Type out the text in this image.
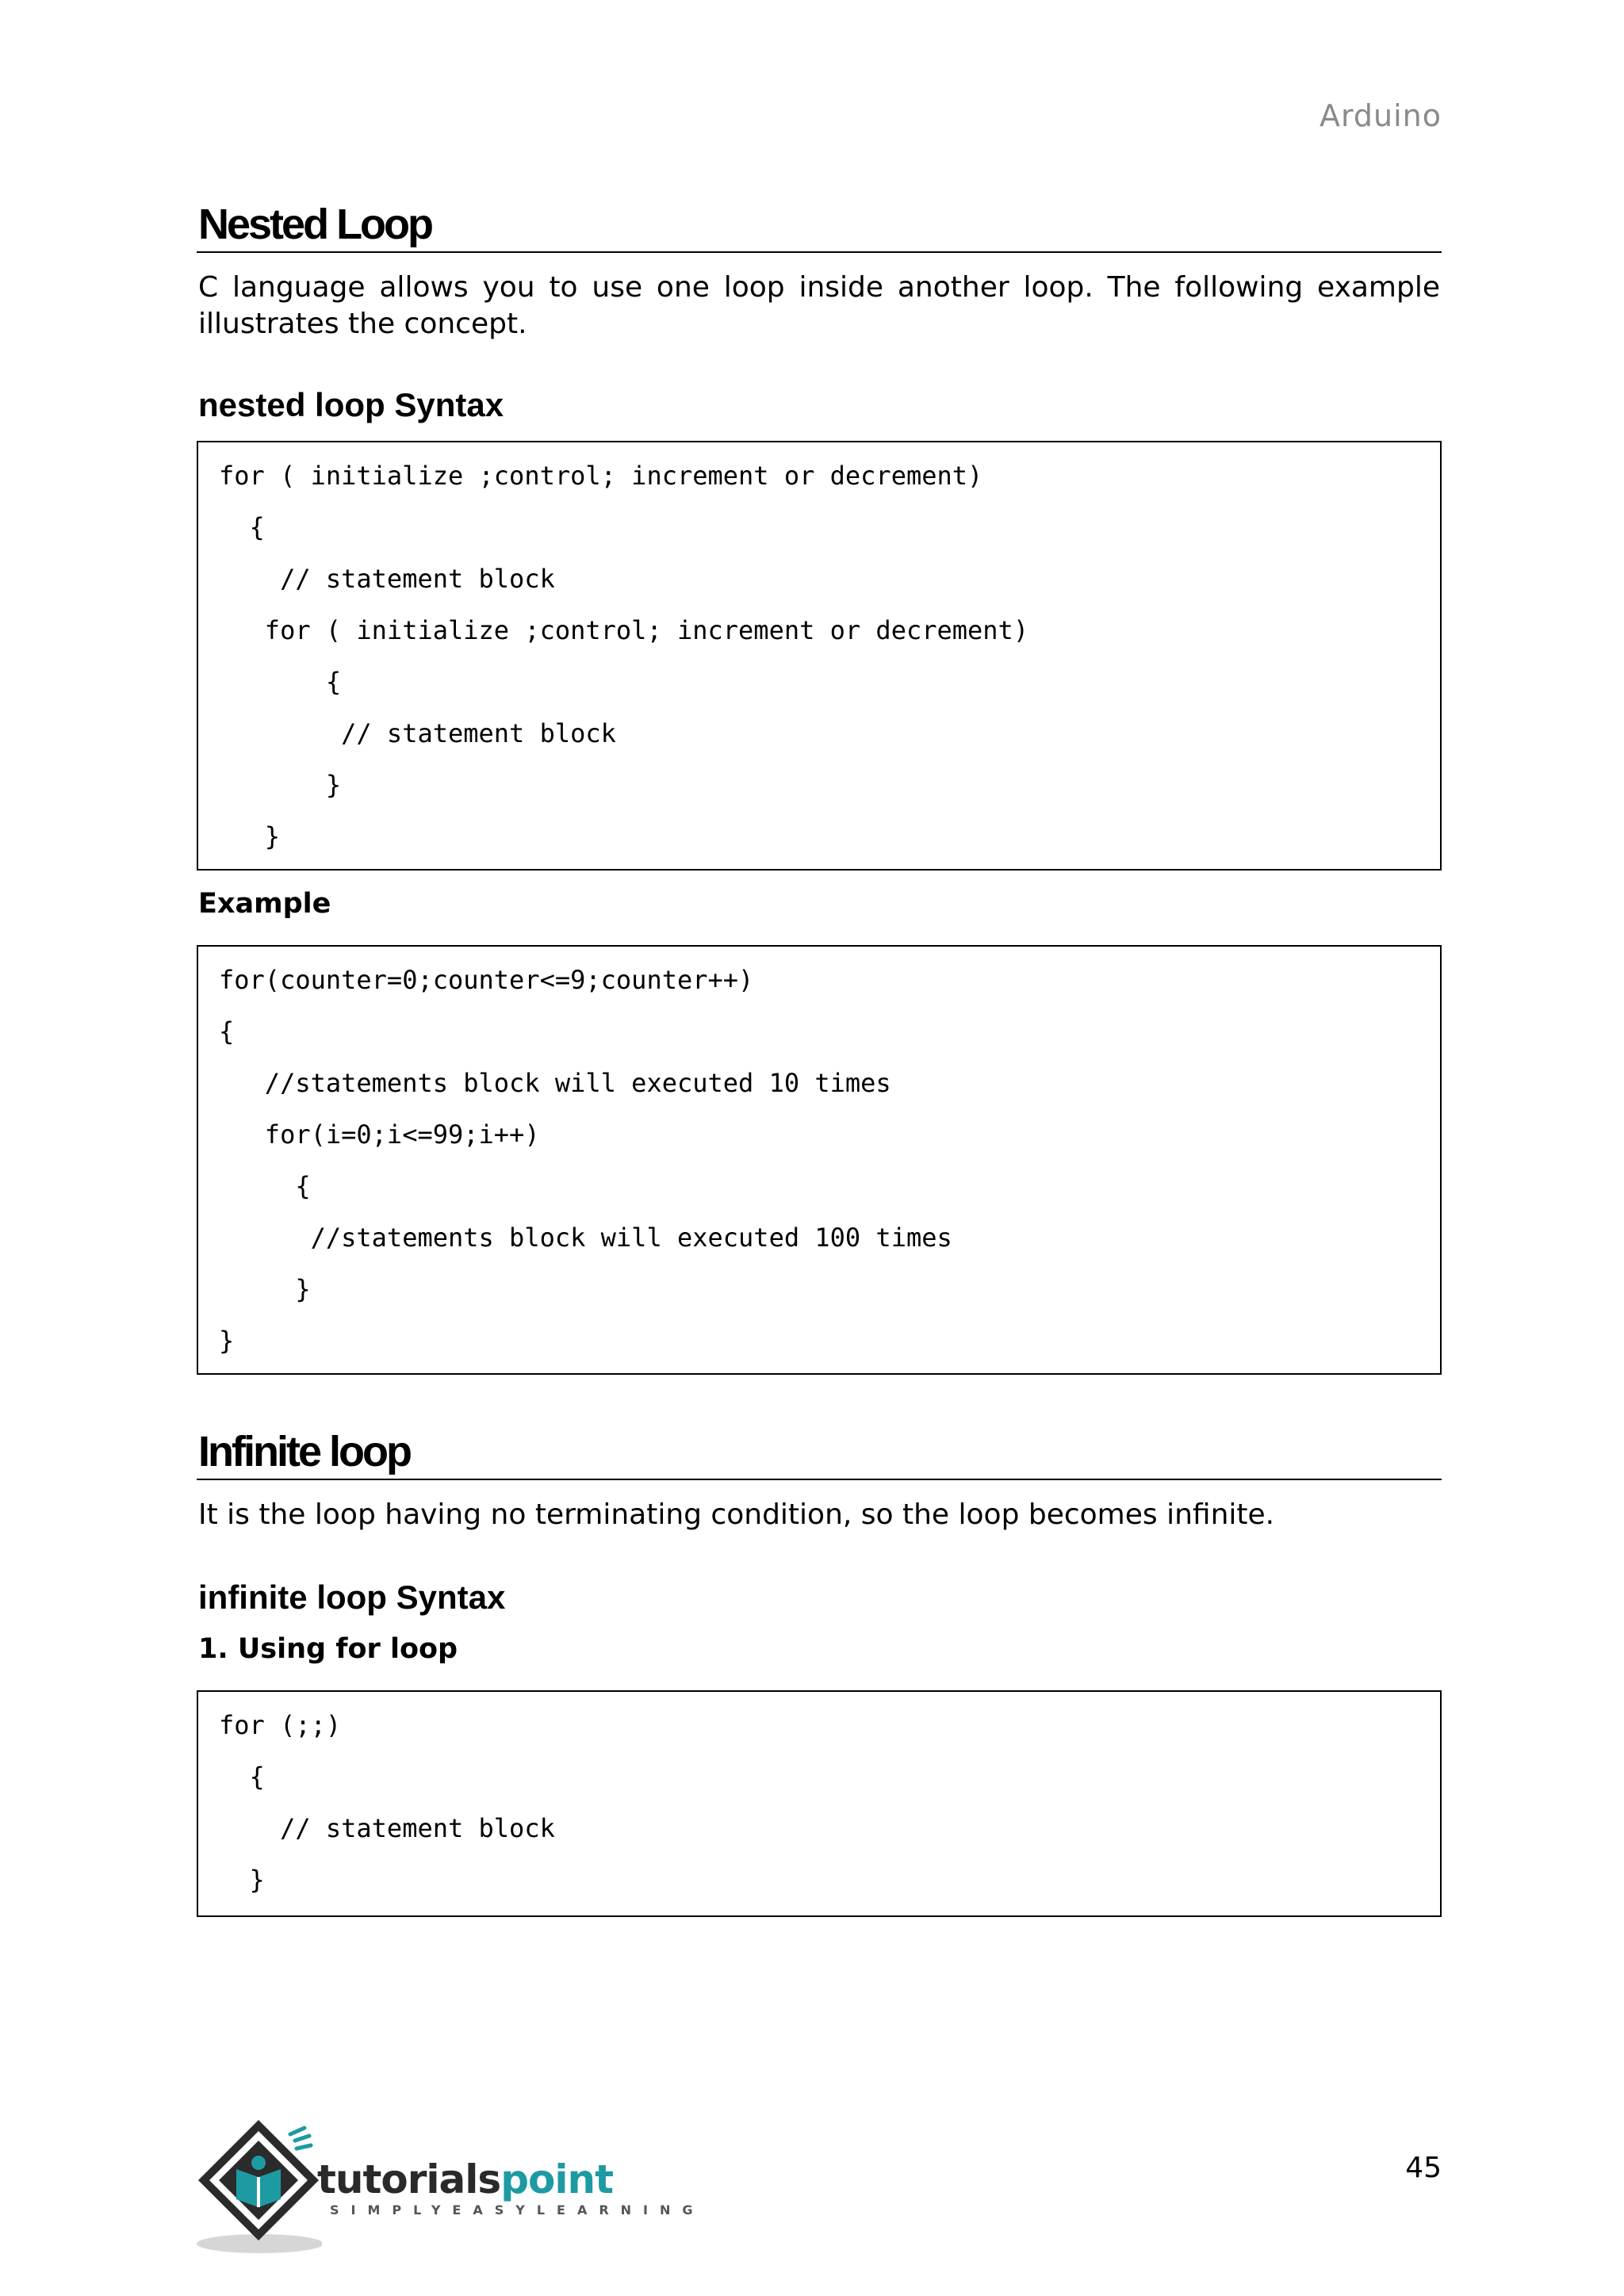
Arduino
Nested Loop
C language allows you to use one loop inside another loop. The following example illustrates the concept.
nested loop Syntax
for ( initialize ;control; increment or decrement)
{
// statement block
for ( initialize ;control; increment or decrement)
{
// statement block
}
}
Example
for(counter=0;counter<=9;counter++)
{
//statements block will executed 10 times
for(i=0;i<=99;i++)
{
//statements block will executed 100 times
}
}
Infinite loop
It is the loop having no terminating condition, so the loop becomes infinite.
infinite loop Syntax
1. Using for loop
for (;;)
{
// statement block
}
tutorialspoint
SIMPLYEASYLEARNING
45
